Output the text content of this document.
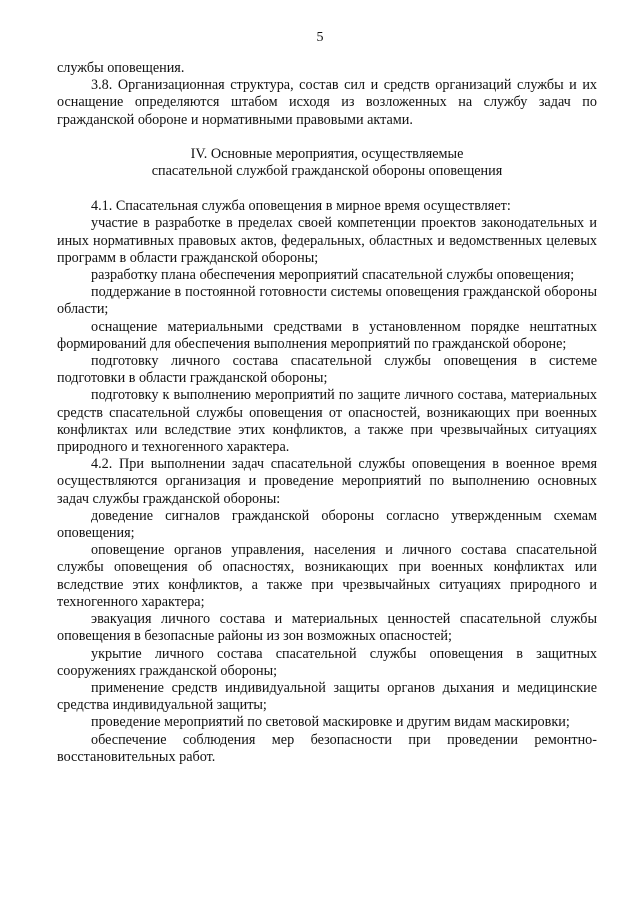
5

службы оповещения.

3.8. Организационная структура, состав сил и средств организаций службы и их оснащение определяются штабом исходя из возложенных на службу задач по гражданской обороне и нормативными правовыми актами.

IV. Основные мероприятия, осуществляемые
спасательной службой гражданской обороны оповещения

4.1. Спасательная служба оповещения в мирное время осуществляет:

участие в разработке в пределах своей компетенции проектов законодательных и иных нормативных правовых актов, федеральных, областных и ведомственных целевых программ в области гражданской обороны;

разработку плана обеспечения мероприятий спасательной службы оповещения;

поддержание в постоянной готовности системы оповещения гражданской обороны области;

оснащение материальными средствами в установленном порядке нештатных формирований для обеспечения выполнения мероприятий по гражданской обороне;

подготовку личного состава спасательной службы оповещения в системе подготовки в области гражданской обороны;

подготовку к выполнению мероприятий по защите личного состава, материальных средств спасательной службы оповещения от опасностей, возникающих при военных конфликтах или вследствие этих конфликтов, а также при чрезвычайных ситуациях природного и техногенного характера.

4.2. При выполнении задач спасательной службы оповещения в военное время осуществляются организация и проведение мероприятий по выполнению основных задач службы гражданской обороны:

доведение сигналов гражданской обороны согласно утвержденным схемам оповещения;

оповещение органов управления, населения и личного состава спасательной службы оповещения об опасностях, возникающих при военных конфликтах или вследствие этих конфликтов, а также при чрезвычайных ситуациях природного и техногенного характера;

эвакуация личного состава и материальных ценностей спасательной службы оповещения в безопасные районы из зон возможных опасностей;

укрытие личного состава спасательной службы оповещения в защитных сооружениях гражданской обороны;

применение средств индивидуальной защиты органов дыхания и медицинские средства индивидуальной защиты;

проведение мероприятий по световой маскировке и другим видам маскировки;

обеспечение соблюдения мер безопасности при проведении ремонтно-восстановительных работ.
